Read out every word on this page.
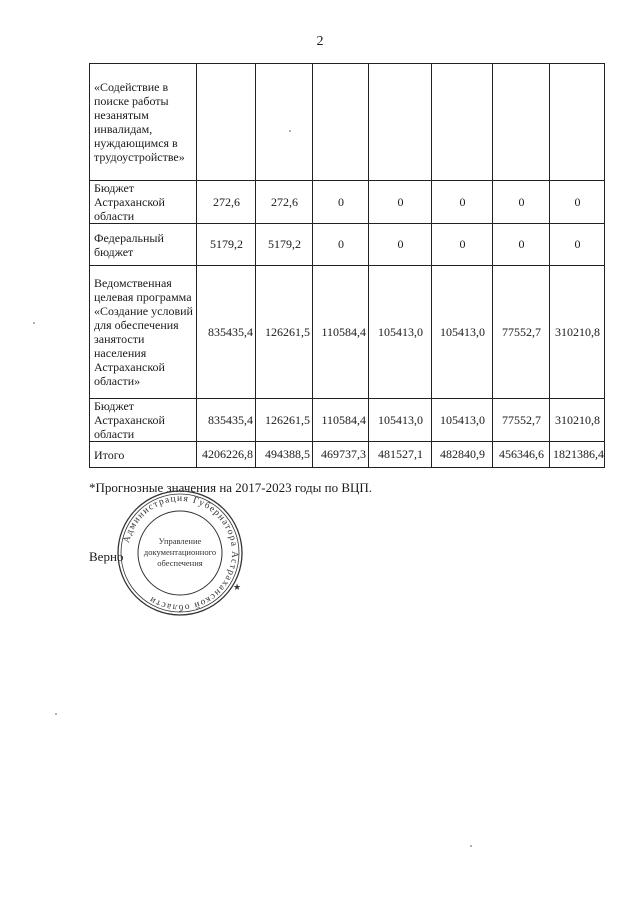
2
«Содействие в поиске работы незанятым инвалидам, нуждающимся в трудоустройстве»							

Бюджет Астраханской области	272,6	272,6	0	0	0	0	0
Федеральный бюджет	5179,2	5179,2	0	0	0	0	0
Ведомственная целевая программа «Создание условий для обеспечения занятости населения Астраханской области»	835435,4	126261,5	110584,4	105413,0	105413,0	77552,7	310210,8
Бюджет Астраханской области	835435,4	126261,5	110584,4	105413,0	105413,0	77552,7	310210,8
Итого	4206226,8	494388,5	469737,3	481527,1	482840,9	456346,6	1821386,4
*Прогнозные значения на 2017-2023 годы по ВЦП.
Верно
Администрация Губернатора Астраханской области
Управление
документационного
обеспечения
★
